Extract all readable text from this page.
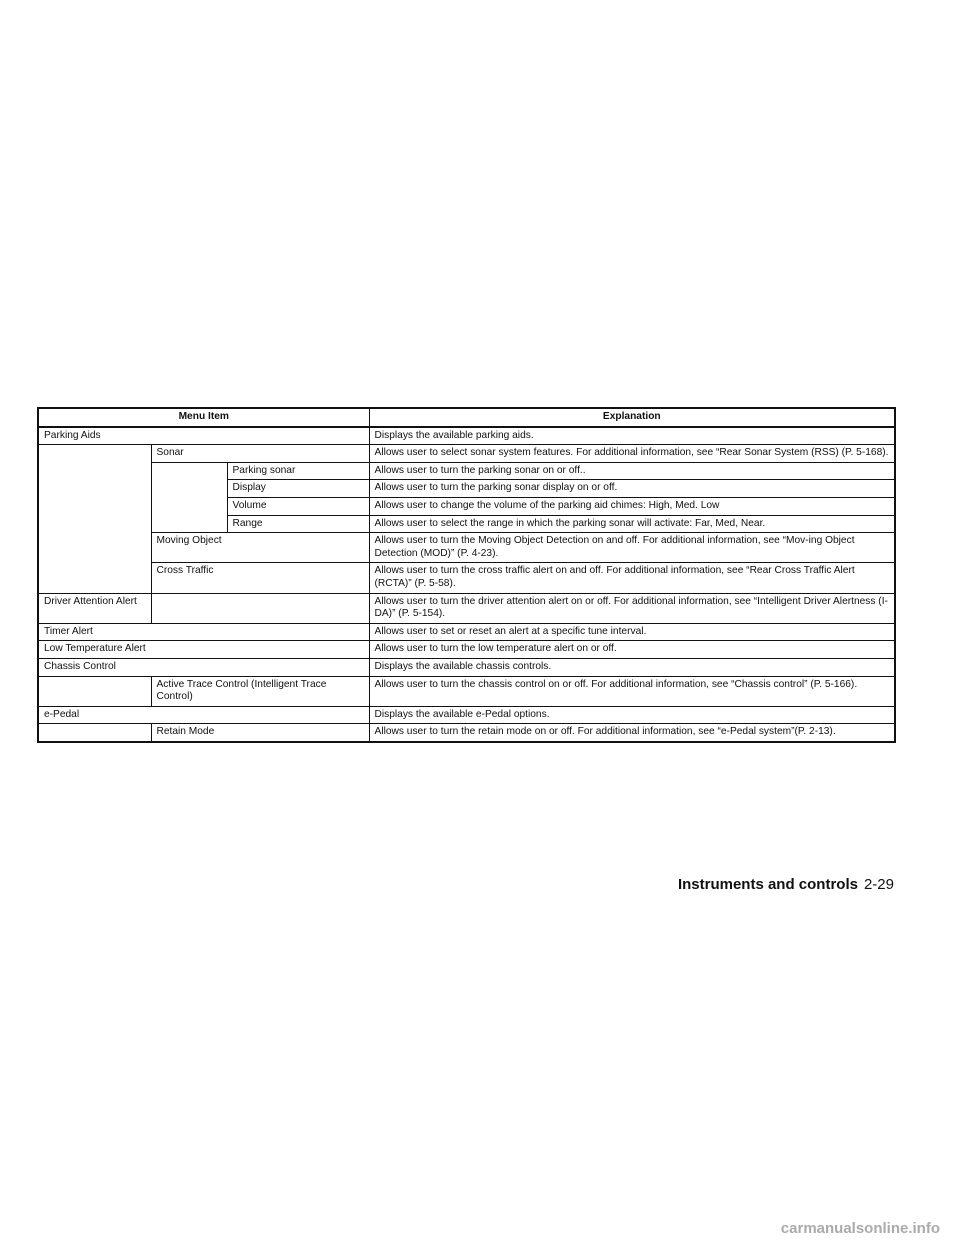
Menu Item			Explanation
Parking Aids			Displays the available parking aids.
	Sonar		Allows user to select sonar system features. For additional information, see “Rear Sonar System (RSS) (P. 5-168).
		Parking sonar	Allows user to turn the parking sonar on or off..
		Display	Allows user to turn the parking sonar display on or off.
		Volume	Allows user to change the volume of the parking aid chimes: High, Med. Low
		Range	Allows user to select the range in which the parking sonar will activate: Far, Med, Near.
	Moving Object		Allows user to turn the Moving Object Detection on and off. For additional information, see “Mov-ing Object Detection (MOD)” (P. 4-23).
	Cross Traffic		Allows user to turn the cross traffic alert on and off. For additional information, see “Rear Cross Traffic Alert (RCTA)” (P. 5-58).
Driver Attention Alert			Allows user to turn the driver attention alert on or off. For additional information, see “Intelligent Driver Alertness (I-DA)” (P. 5-154).
Timer Alert			Allows user to set or reset an alert at a specific tune interval.
Low Temperature Alert			Allows user to turn the low temperature alert on or off.
Chassis Control			Displays the available chassis controls.
	Active Trace Control (Intelligent Trace Control)		Allows user to turn the chassis control on or off. For additional information, see “Chassis control” (P. 5-166).
e-Pedal			Displays the available e-Pedal options.
	Retain Mode		Allows user to turn the retain mode on or off. For additional information, see “e-Pedal system”(P. 2-13).
Instruments and controls 2-29
carmanualsonline.info
